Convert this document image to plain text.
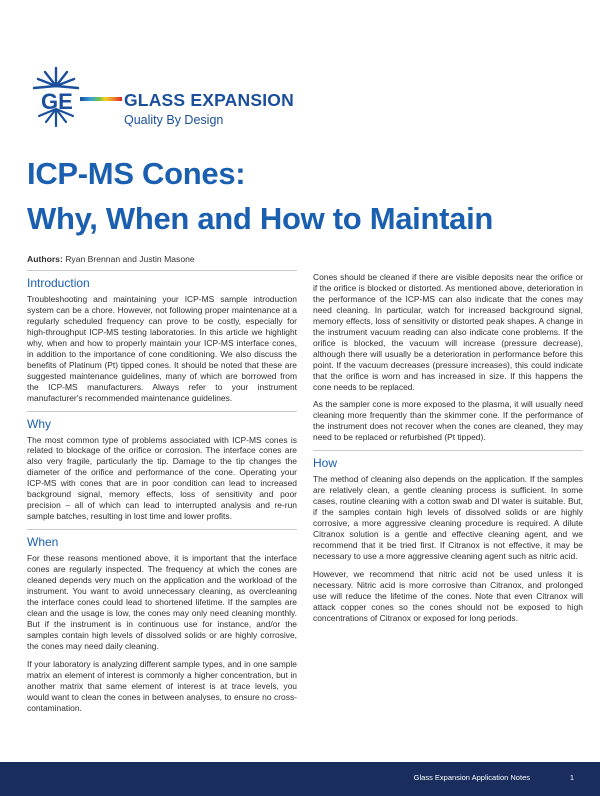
GE	GLASS EXPANSION
Quality By Design
ICP-MS Cones:
Why, When and How to Maintain
Authors: Ryan Brennan and Justin Masone
Introduction

Troubleshooting and maintaining your ICP-MS sample introduction system can be a chore. However, not following proper maintenance at a regularly scheduled frequency can prove to be costly, especially for high-throughput ICP-MS testing laboratories. In this article we highlight why, when and how to properly maintain your ICP-MS interface cones, in addition to the importance of cone conditioning. We also discuss the benefits of Platinum (Pt) tipped cones. It should be noted that these are suggested maintenance guidelines, many of which are borrowed from the ICP-MS manufacturers. Always refer to your instrument manufacturer's recommended maintenance guidelines.

Why

The most common type of problems associated with ICP-MS cones is related to blockage of the orifice or corrosion. The interface cones are also very fragile, particularly the tip. Damage to the tip changes the diameter of the orifice and performance of the cone. Operating your ICP-MS with cones that are in poor condition can lead to increased background signal, memory effects, loss of sensitivity and poor precision – all of which can lead to interrupted analysis and re-run sample batches, resulting in lost time and lower profits.

When

For these reasons mentioned above, it is important that the interface cones are regularly inspected. The frequency at which the cones are cleaned depends very much on the application and the workload of the instrument. You want to avoid unnecessary cleaning, as overcleaning the interface cones could lead to shortened lifetime. If the samples are clean and the usage is low, the cones may only need cleaning monthly. But if the instrument is in continuous use for instance, and/or the samples contain high levels of dissolved solids or are highly corrosive, the cones may need daily cleaning.

If your laboratory is analyzing different sample types, and in one sample matrix an element of interest is commonly a higher concentration, but in another matrix that same element of interest is at trace levels, you would want to clean the cones in between analyses, to ensure no cross-contamination.

Cones should be cleaned if there are visible deposits near the orifice or if the orifice is blocked or distorted. As mentioned above, deterioration in the performance of the ICP-MS can also indicate that the cones may need cleaning. In particular, watch for increased background signal, memory effects, loss of sensitivity or distorted peak shapes. A change in the instrument vacuum reading can also indicate cone problems. If the orifice is blocked, the vacuum will increase (pressure decrease), although there will usually be a deterioration in performance before this point. If the vacuum decreases (pressure increases), this could indicate that the orifice is worn and has increased in size. If this happens the cone needs to be replaced.

As the sampler cone is more exposed to the plasma, it will usually need cleaning more frequently than the skimmer cone. If the performance of the instrument does not recover when the cones are cleaned, they may need to be replaced or refurbished (Pt tipped).

How

The method of cleaning also depends on the application. If the samples are relatively clean, a gentle cleaning process is sufficient. In some cases, routine cleaning with a cotton swab and DI water is suitable. But, if the samples contain high levels of dissolved solids or are highly corrosive, a more aggressive cleaning procedure is required. A dilute Citranox solution is a gentle and effective cleaning agent, and we recommend that it be tried first. If Citranox is not effective, it may be necessary to use a more aggressive cleaning agent such as nitric acid.

However, we recommend that nitric acid not be used unless it is necessary. Nitric acid is more corrosive than Citranox, and prolonged use will reduce the lifetime of the cones. Note that even Citranox will attack copper cones so the cones should not be exposed to high concentrations of Citranox or exposed for long periods.

Glass Expansion Application Notes	1
